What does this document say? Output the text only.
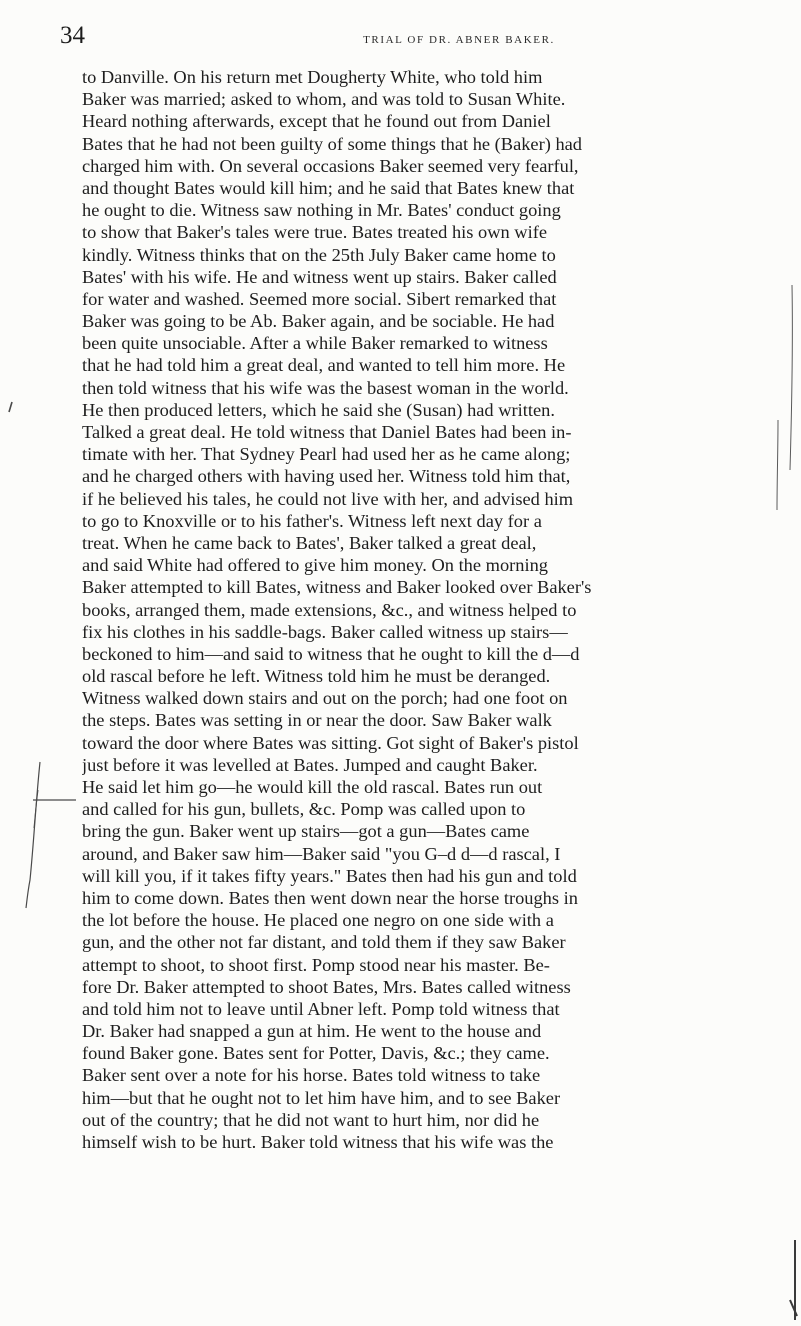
34	TRIAL OF DR. ABNER BAKER.
to Danville. On his return met Dougherty White, who told him
Baker was married; asked to whom, and was told to Susan White.
Heard nothing afterwards, except that he found out from Daniel
Bates that he had not been guilty of some things that he (Baker) had
charged him with. On several occasions Baker seemed very fearful,
and thought Bates would kill him; and he said that Bates knew that
he ought to die. Witness saw nothing in Mr. Bates' conduct going
to show that Baker's tales were true. Bates treated his own wife
kindly. Witness thinks that on the 25th July Baker came home to
Bates' with his wife. He and witness went up stairs. Baker called
for water and washed. Seemed more social. Sibert remarked that
Baker was going to be Ab. Baker again, and be sociable. He had
been quite unsociable. After a while Baker remarked to witness
that he had told him a great deal, and wanted to tell him more. He
then told witness that his wife was the basest woman in the world.
He then produced letters, which he said she (Susan) had written.
Talked a great deal. He told witness that Daniel Bates had been in-
timate with her. That Sydney Pearl had used her as he came along;
and he charged others with having used her. Witness told him that,
if he believed his tales, he could not live with her, and advised him
to go to Knoxville or to his father's. Witness left next day for a
treat. When he came back to Bates', Baker talked a great deal,
and said White had offered to give him money. On the morning
Baker attempted to kill Bates, witness and Baker looked over Baker's
books, arranged them, made extensions, &c., and witness helped to
fix his clothes in his saddle-bags. Baker called witness up stairs—
beckoned to him—and said to witness that he ought to kill the d—d
old rascal before he left. Witness told him he must be deranged.
Witness walked down stairs and out on the porch; had one foot on
the steps. Bates was setting in or near the door. Saw Baker walk
toward the door where Bates was sitting. Got sight of Baker's pistol
just before it was levelled at Bates. Jumped and caught Baker.
He said let him go—he would kill the old rascal. Bates run out
and called for his gun, bullets, &c. Pomp was called upon to
bring the gun. Baker went up stairs—got a gun—Bates came
around, and Baker saw him—Baker said "you G–d d—d rascal, I
will kill you, if it takes fifty years." Bates then had his gun and told
him to come down. Bates then went down near the horse troughs in
the lot before the house. He placed one negro on one side with a
gun, and the other not far distant, and told them if they saw Baker
attempt to shoot, to shoot first. Pomp stood near his master. Be-
fore Dr. Baker attempted to shoot Bates, Mrs. Bates called witness
and told him not to leave until Abner left. Pomp told witness that
Dr. Baker had snapped a gun at him. He went to the house and
found Baker gone. Bates sent for Potter, Davis, &c.; they came.
Baker sent over a note for his horse. Bates told witness to take
him—but that he ought not to let him have him, and to see Baker
out of the country; that he did not want to hurt him, nor did he
himself wish to be hurt. Baker told witness that his wife was the
